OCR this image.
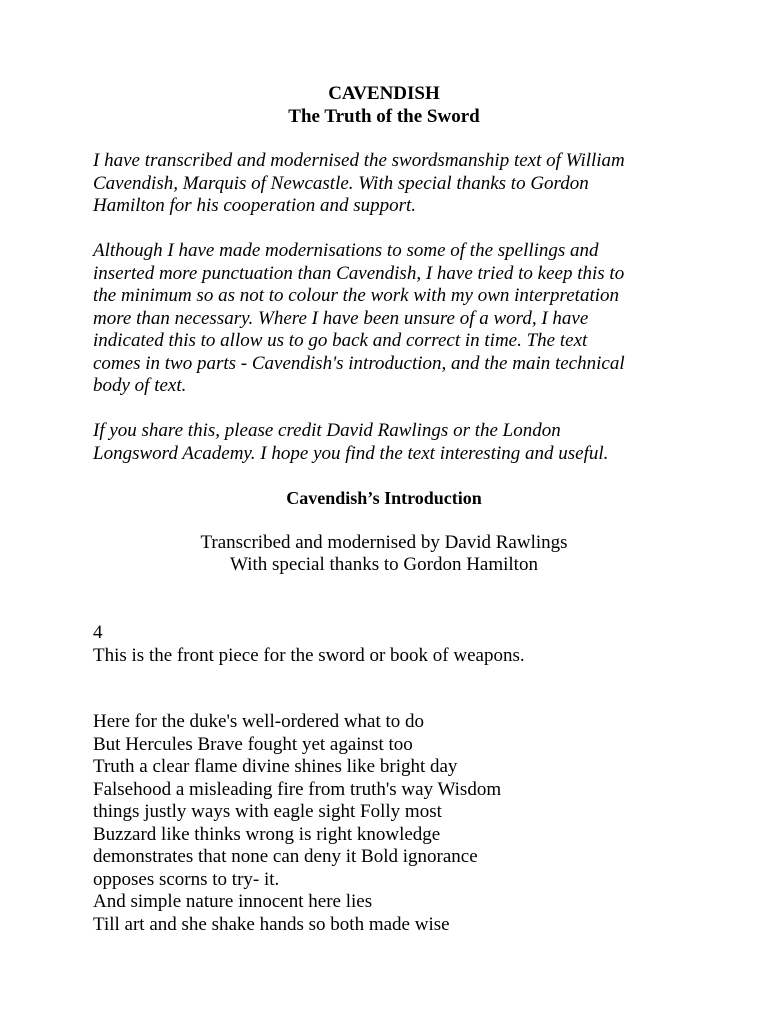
CAVENDISH
The Truth of the Sword

I have transcribed and modernised the swordsmanship text of William
Cavendish, Marquis of Newcastle. With special thanks to Gordon
Hamilton for his cooperation and support.

Although I have made modernisations to some of the spellings and
inserted more punctuation than Cavendish, I have tried to keep this to
the minimum so as not to colour the work with my own interpretation
more than necessary. Where I have been unsure of a word, I have
indicated this to allow us to go back and correct in time. The text
comes in two parts - Cavendish's introduction, and the main technical
body of text.

If you share this, please credit David Rawlings or the London
Longsword Academy. I hope you find the text interesting and useful.

Cavendish’s Introduction

Transcribed and modernised by David Rawlings

With special thanks to Gordon Hamilton

4

This is the front piece for the sword or book of weapons.

Here for the duke's well-ordered what to do
But Hercules Brave fought yet against too
Truth a clear flame divine shines like bright day
Falsehood a misleading fire from truth's way Wisdom
things justly ways with eagle sight Folly most
Buzzard like thinks wrong is right knowledge
demonstrates that none can deny it Bold ignorance
opposes scorns to try- it.
And simple nature innocent here lies
Till art and she shake hands so both made wise
